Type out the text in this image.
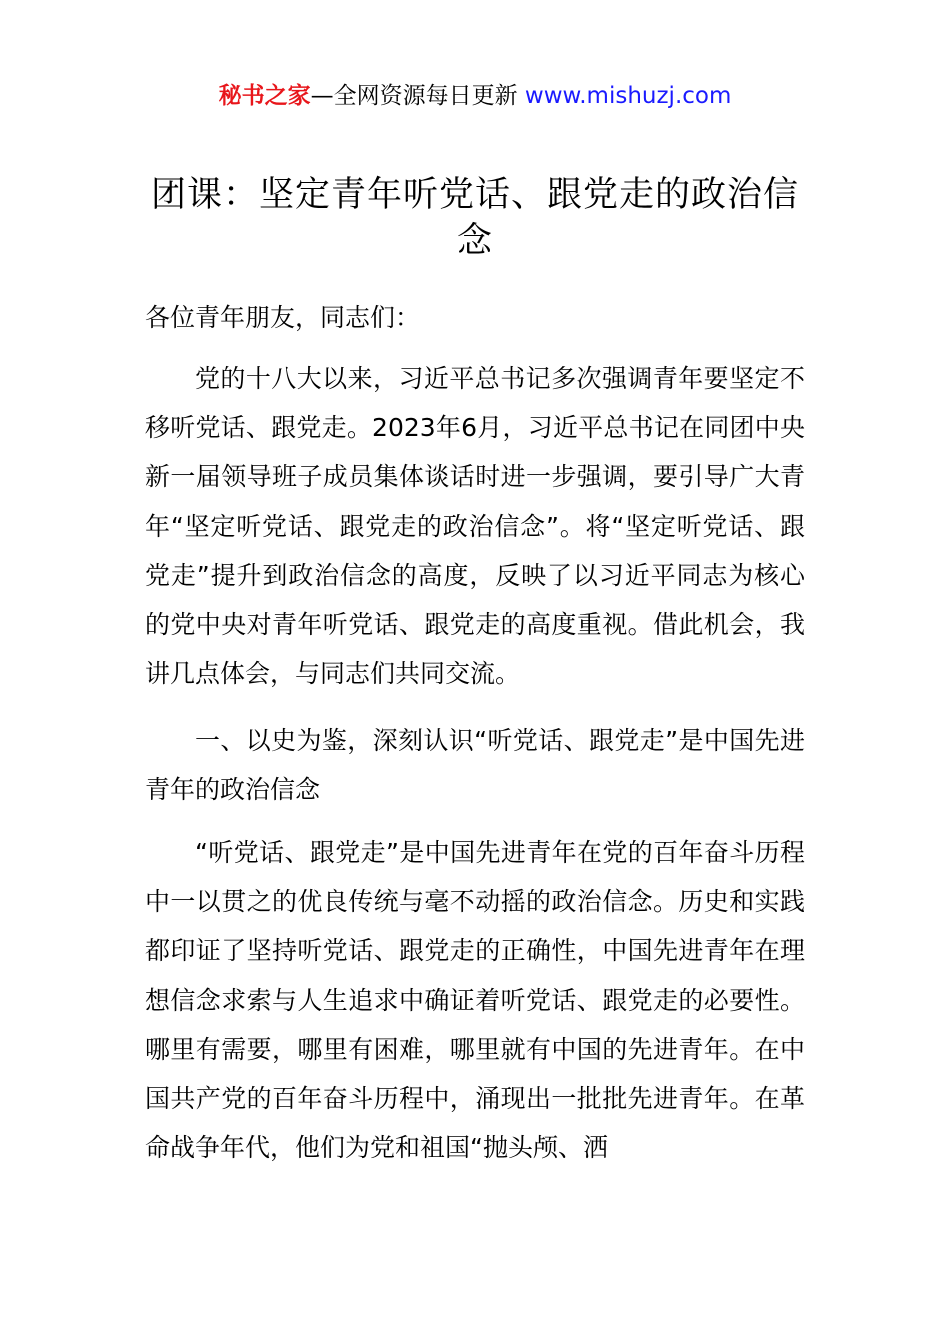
秘书之家—全网资源每日更新 www.mishuzj.com
团课：坚定青年听党话、跟党走的政治信念

各位青年朋友，同志们：

党的十八大以来，习近平总书记多次强调青年要坚定不移听党话、跟党走。2023年6月，习近平总书记在同团中央新一届领导班子成员集体谈话时进一步强调，要引导广大青年“坚定听党话、跟党走的政治信念”。将“坚定听党话、跟党走”提升到政治信念的高度，反映了以习近平同志为核心的党中央对青年听党话、跟党走的高度重视。借此机会，我讲几点体会，与同志们共同交流。

一、以史为鉴，深刻认识“听党话、跟党走”是中国先进青年的政治信念

“听党话、跟党走”是中国先进青年在党的百年奋斗历程中一以贯之的优良传统与毫不动摇的政治信念。历史和实践都印证了坚持听党话、跟党走的正确性，中国先进青年在理想信念求索与人生追求中确证着听党话、跟党走的必要性。哪里有需要，哪里有困难，哪里就有中国的先进青年。在中国共产党的百年奋斗历程中，涌现出一批批先进青年。在革命战争年代，他们为党和祖国“抛头颅、洒
